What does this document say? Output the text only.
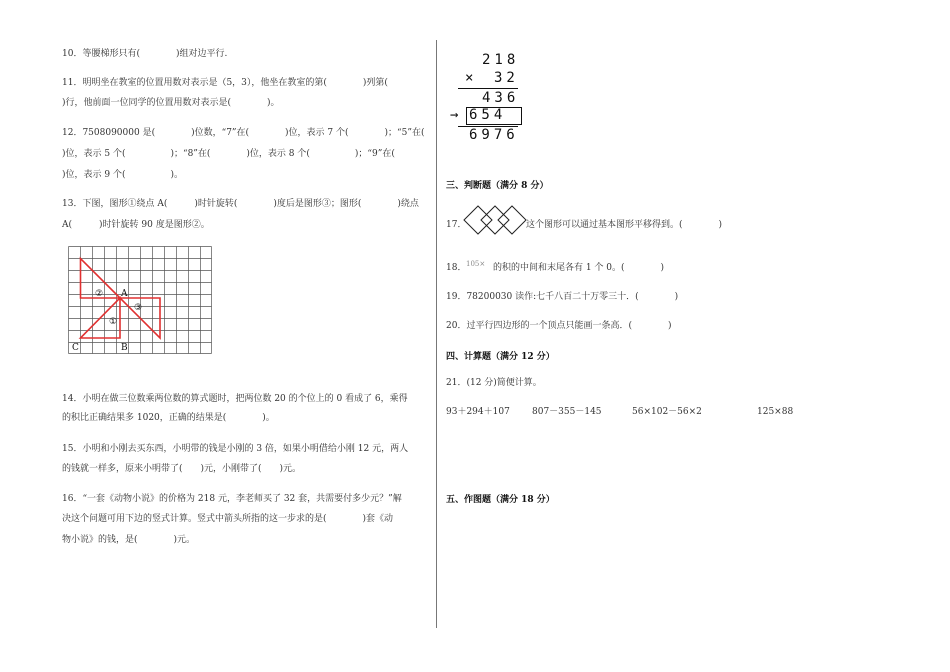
10．等腰梯形只有(　　　　)组对边平行.
11．明明坐在教室的位置用数对表示是（5，3），他坐在教室的第(　　　　)列第(
)行，他前面一位同学的位置用数对表示是(　　　　)。
12．7508090000 是(　　　　)位数，“7”在(　　　　)位，表示 7 个(　　　　)；“5”在(
)位，表示 5 个(　　　　　)；“8”在(　　　　)位，表示 8 个(　　　　　)；“9”在(
)位，表示 9 个(　　　　　)。
13．下图，图形①绕点 A(　　　)时针旋转(　　　　)度后是图形③；图形(　　　　)绕点
A(　　　)时针旋转 90 度是图形②。
②
①
③
A
B
C
14．小明在做三位数乘两位数的算式题时，把两位数 20 的个位上的 0 看成了 6，乘得
的积比正确结果多 1020，正确的结果是(　　　　)。
15．小明和小刚去买东西，小明带的钱是小刚的 3 倍，如果小明借给小刚 12 元，两人
的钱就一样多，原来小明带了(　　)元，小刚带了(　　)元。
16．“一套《动物小说》的价格为 218 元，李老师买了 32 套，共需要付多少元？”解
决这个问题可用下边的竖式计算。竖式中箭头所指的这一步求的是(　　　　)套《动
物小说》的钱，是(　　　　)元。
218
× 32
436
→ 654
6976
三、判断题（满分 8 分）
17．	这个图形可以通过基本图形平移得到。(　　　　)
18． 105× 的积的中间和末尾各有 1 个 0。(　　　　)
19．78200030 读作:七千八百二十万零三十．(　　　　)
20．过平行四边形的一个顶点只能画一条高．(　　　　)
四、计算题（满分 12 分）
21．(12 分)简便计算。
93＋294＋107 807－355－145	56×102－56×2	125×88
五、作图题（满分 18 分）
